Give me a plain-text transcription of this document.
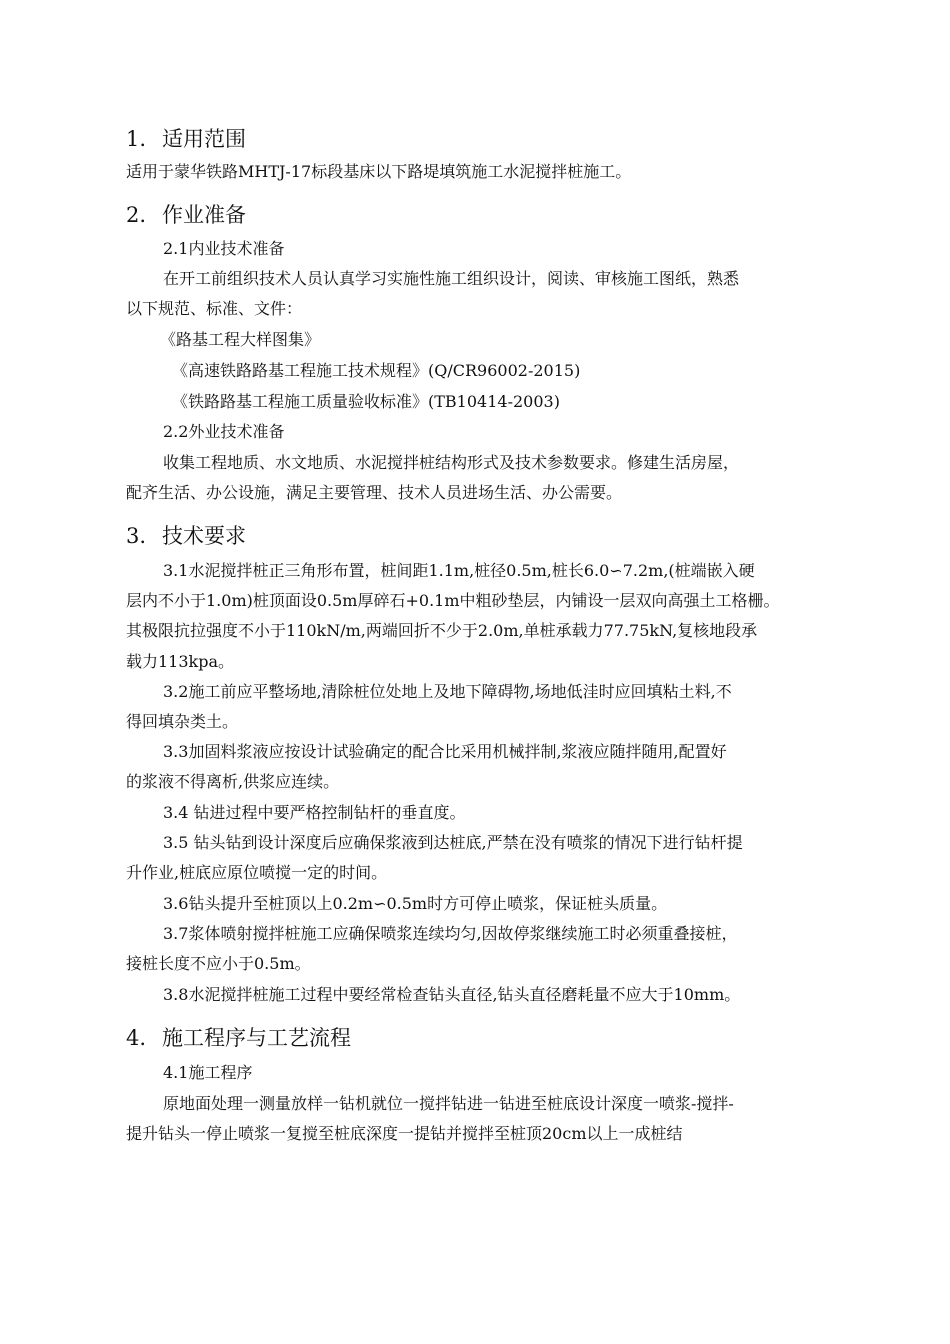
1. 适用范围
适用于蒙华铁路MHTJ-17标段基床以下路堤填筑施工水泥搅拌桩施工。
2. 作业准备
2.1内业技术准备
在开工前组织技术人员认真学习实施性施工组织设计，阅读、审核施工图纸，熟悉
以下规范、标准、文件：
《路基工程大样图集》
《高速铁路路基工程施工技术规程》(Q/CR96002-2015)
《铁路路基工程施工质量验收标准》(TB10414-2003)
2.2外业技术准备
收集工程地质、水文地质、水泥搅拌桩结构形式及技术参数要求。修建生活房屋，
配齐生活、办公设施，满足主要管理、技术人员进场生活、办公需要。
3. 技术要求
3.1水泥搅拌桩正三角形布置，桩间距1.1m,桩径0.5m,桩长6.0∽7.2m,(桩端嵌入硬
层内不小于1.0m)桩顶面设0.5m厚碎石+0.1m中粗砂垫层，内铺设一层双向高强土工格栅。
其极限抗拉强度不小于110kN/m,两端回折不少于2.0m,单桩承载力77.75kN,复核地段承
载力113kpa。
3.2施工前应平整场地,清除桩位处地上及地下障碍物,场地低洼时应回填粘土料,不
得回填杂类土。
3.3加固料浆液应按设计试验确定的配合比采用机械拌制,浆液应随拌随用,配置好
的浆液不得离析,供浆应连续。
3.4 钻进过程中要严格控制钻杆的垂直度。
3.5 钻头钻到设计深度后应确保浆液到达桩底,严禁在没有喷浆的情况下进行钻杆提
升作业,桩底应原位喷搅一定的时间。
3.6钻头提升至桩顶以上0.2m∽0.5m时方可停止喷浆，保证桩头质量。
3.7浆体喷射搅拌桩施工应确保喷浆连续均匀,因故停浆继续施工时必须重叠接桩，
接桩长度不应小于0.5m。
3.8水泥搅拌桩施工过程中要经常检查钻头直径,钻头直径磨耗量不应大于10mm。
4. 施工程序与工艺流程
4.1施工程序
原地面处理一测量放样一钻机就位一搅拌钻进一钻进至桩底设计深度一喷浆-搅拌-
提升钻头一停止喷浆一复搅至桩底深度一提钻并搅拌至桩顶20cm以上一成桩结
